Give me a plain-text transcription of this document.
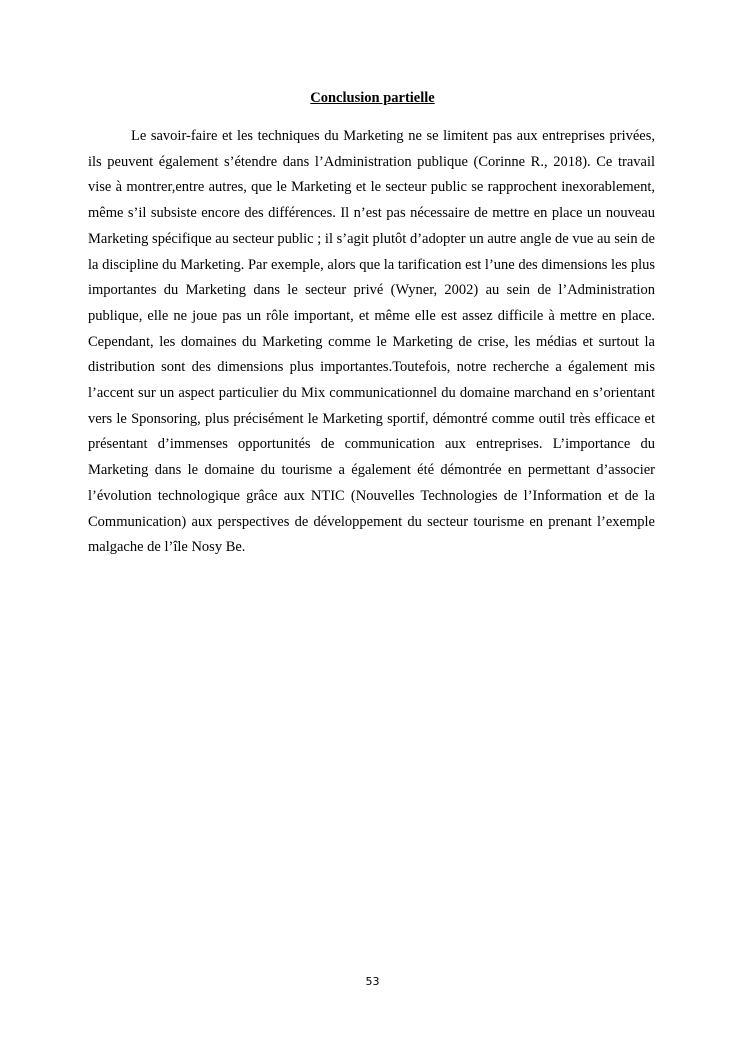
Conclusion partielle

Le savoir-faire et les techniques du Marketing ne se limitent pas aux entreprises privées, ils peuvent également s’étendre dans l’Administration publique (Corinne R., 2018). Ce travail vise à montrer,entre autres, que le Marketing et le secteur public se rapprochent inexorablement, même s’il subsiste encore des différences. Il n’est pas nécessaire de mettre en place un nouveau Marketing spécifique au secteur public ; il s’agit plutôt d’adopter un autre angle de vue au sein de la discipline du Marketing. Par exemple, alors que la tarification est l’une des dimensions les plus importantes du Marketing dans le secteur privé (Wyner, 2002) au sein de l’Administration publique, elle ne joue pas un rôle important, et même elle est assez difficile à mettre en place. Cependant, les domaines du Marketing comme le Marketing de crise, les médias et surtout la distribution sont des dimensions plus importantes.Toutefois, notre recherche a également mis l’accent sur un aspect particulier du Mix communicationnel du domaine marchand en s’orientant vers le Sponsoring, plus précisément le Marketing sportif, démontré comme outil très efficace et présentant d’immenses opportunités de communication aux entreprises. L’importance du Marketing dans le domaine du tourisme a également été démontrée en permettant d’associer l’évolution technologique grâce aux NTIC (Nouvelles Technologies de l’Information et de la Communication) aux perspectives de développement du secteur tourisme en prenant l’exemple malgache de l’île Nosy Be.

53
